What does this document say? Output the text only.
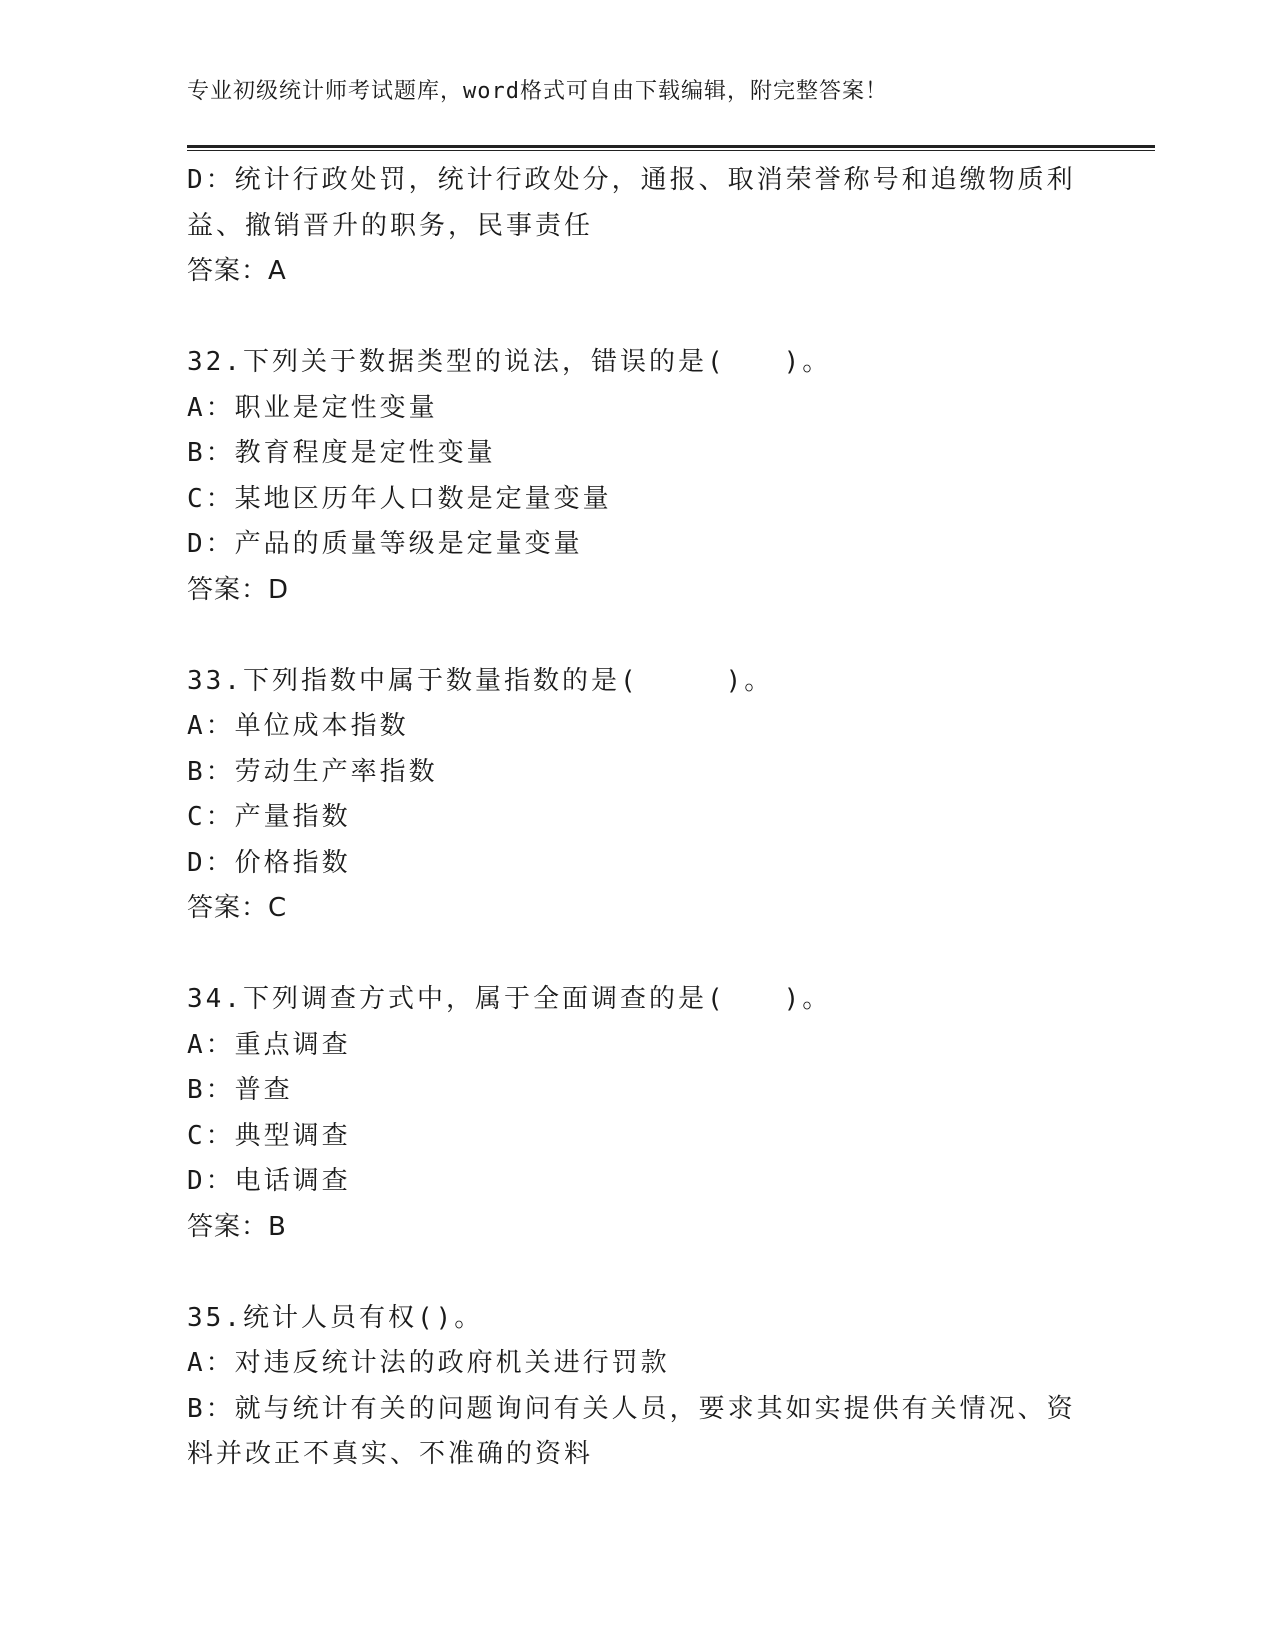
专业初级统计师考试题库，word格式可自由下载编辑，附完整答案！
D：统计行政处罚，统计行政处分，通报、取消荣誉称号和追缴物质利
益、撤销晋升的职务，民事责任
答案：A
32.下列关于数据类型的说法，错误的是(　　)。
A：职业是定性变量
B：教育程度是定性变量
C：某地区历年人口数是定量变量
D：产品的质量等级是定量变量
答案：D
33.下列指数中属于数量指数的是(　　　)。
A：单位成本指数
B：劳动生产率指数
C：产量指数
D：价格指数
答案：C
34.下列调查方式中，属于全面调查的是(　　)。
A：重点调查
B：普查
C：典型调查
D：电话调查
答案：B
35.统计人员有权()。
A：对违反统计法的政府机关进行罚款
B：就与统计有关的问题询问有关人员，要求其如实提供有关情况、资
料并改正不真实、不准确的资料
